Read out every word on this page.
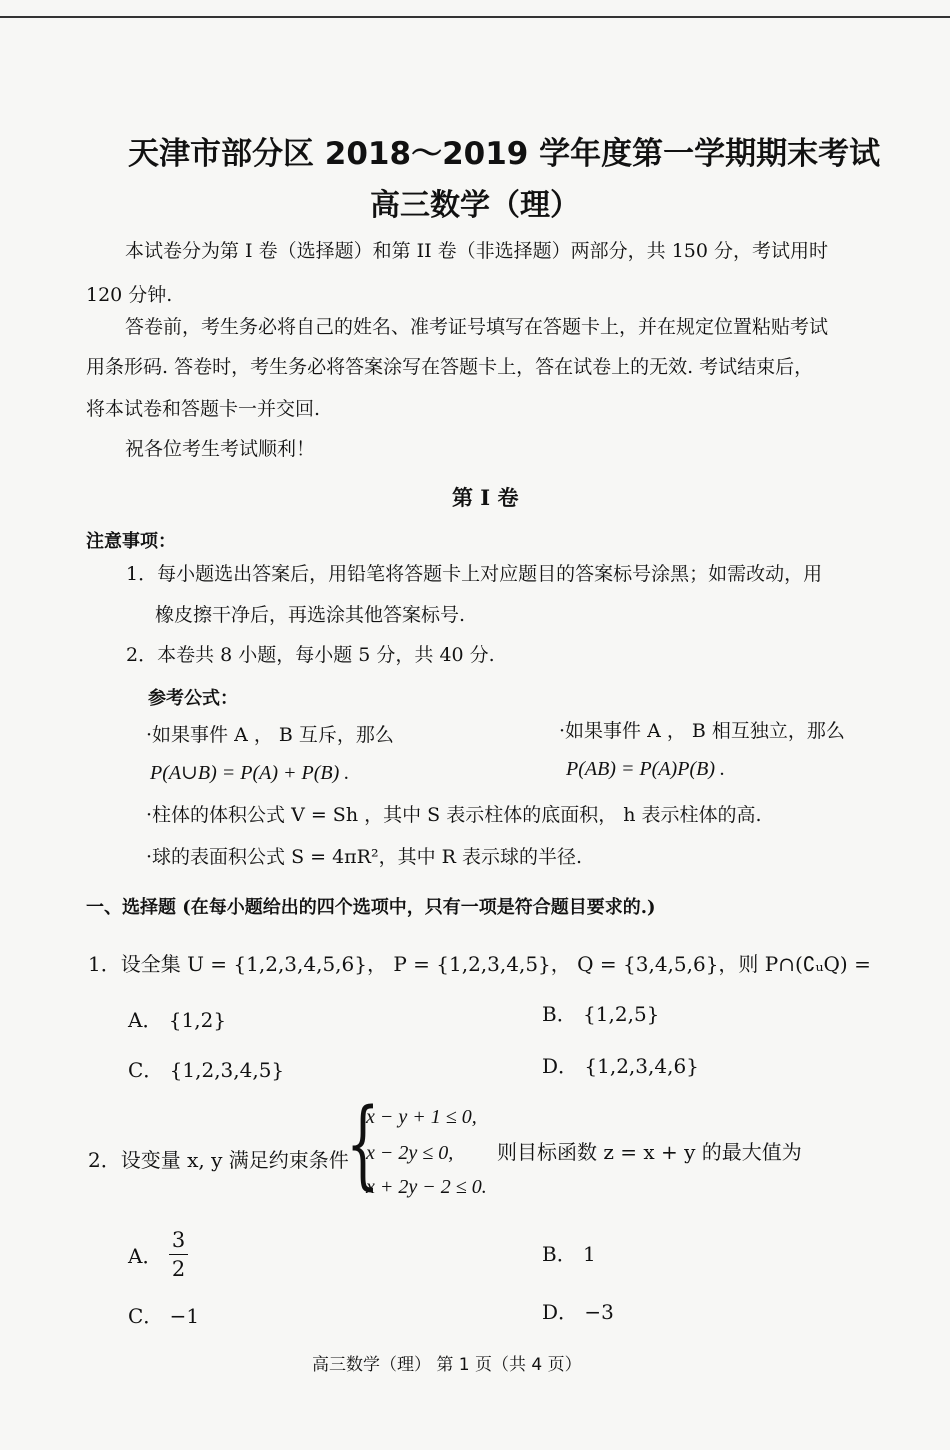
天津市部分区 2018～2019 学年度第一学期期末考试
高三数学（理）
本试卷分为第 I 卷（选择题）和第 II 卷（非选择题）两部分，共 150 分，考试用时
120 分钟.
答卷前，考生务必将自己的姓名、准考证号填写在答题卡上，并在规定位置粘贴考试
用条形码. 答卷时，考生务必将答案涂写在答题卡上，答在试卷上的无效. 考试结束后，
将本试卷和答题卡一并交回.
祝各位考生考试顺利！
第 I 卷
注意事项：
1．每小题选出答案后，用铅笔将答题卡上对应题目的答案标号涂黑；如需改动，用
橡皮擦干净后，再选涂其他答案标号.
2．本卷共 8 小题，每小题 5 分，共 40 分.
参考公式：
·如果事件 A ， B 互斥，那么
P(A∪B) = P(A) + P(B) .
·如果事件 A ， B 相互独立，那么
P(AB) = P(A)P(B) .
·柱体的体积公式 V = Sh ，其中 S 表示柱体的底面积， h 表示柱体的高.
·球的表面积公式 S = 4πR²，其中 R 表示球的半径.
一、选择题 (在每小题给出的四个选项中，只有一项是符合题目要求的.)
1．设全集 U = {1,2,3,4,5,6}， P = {1,2,3,4,5}， Q = {3,4,5,6}，则 P∩(∁ᵤQ) =
A． {1,2}	B． {1,2,5}
C． {1,2,3,4,5}	D． {1,2,3,4,6}
2．设变量 x, y 满足约束条件
{
x − y + 1 ≤ 0,
x − 2y ≤ 0,
x + 2y − 2 ≤ 0.
则目标函数 z = x + y 的最大值为
A． $\frac{3}{2}$	B． 1
C． −1	D． −3
高三数学（理） 第 1 页（共 4 页）
